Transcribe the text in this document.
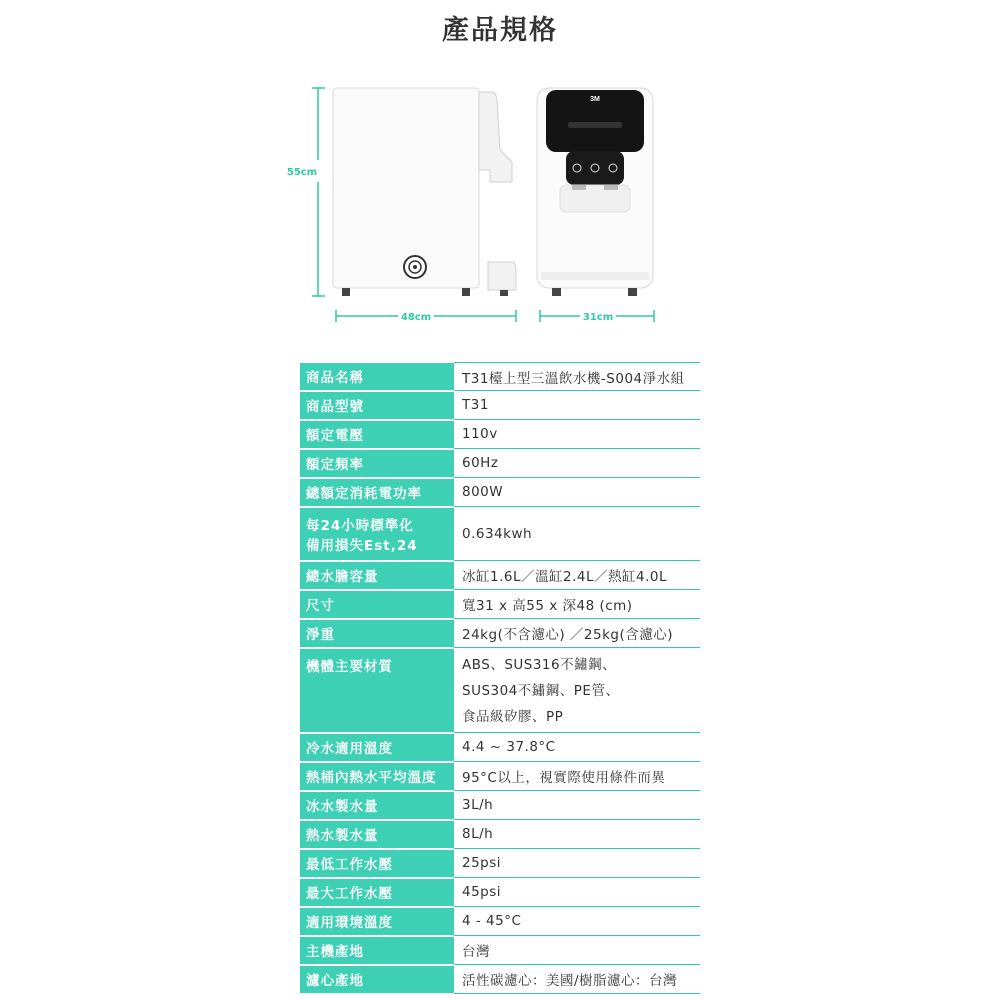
產品規格
55cm
3M
48cm	31cm
商品名稱	T31檯上型三溫飲水機-S004淨水組
商品型號	T31
額定電壓	110v
額定頻率	60Hz
總額定消耗電功率	800W

每24小時標準化
備用損失Est,24	0.634kwh
總水膽容量	冰缸1.6L／溫缸2.4L／熱缸4.0L
尺寸	寬31 x 高55 x 深48 (cm)
淨重	24kg(不含濾心) ／25kg(含濾心)
機體主要材質	ABS、SUS316不鏽鋼、
SUS304不鏽鋼、PE管、
食品級矽膠、PP

冷水適用溫度	4.4 ~ 37.8°C
熱桶內熱水平均溫度	95°C以上，視實際使用條件而異
冰水製水量	3L/h
熱水製水量	8L/h
最低工作水壓	25psi
最大工作水壓	45psi
適用環境溫度	4 - 45°C
主機產地	台灣
濾心產地	活性碳濾心：美國/樹脂濾心：台灣
